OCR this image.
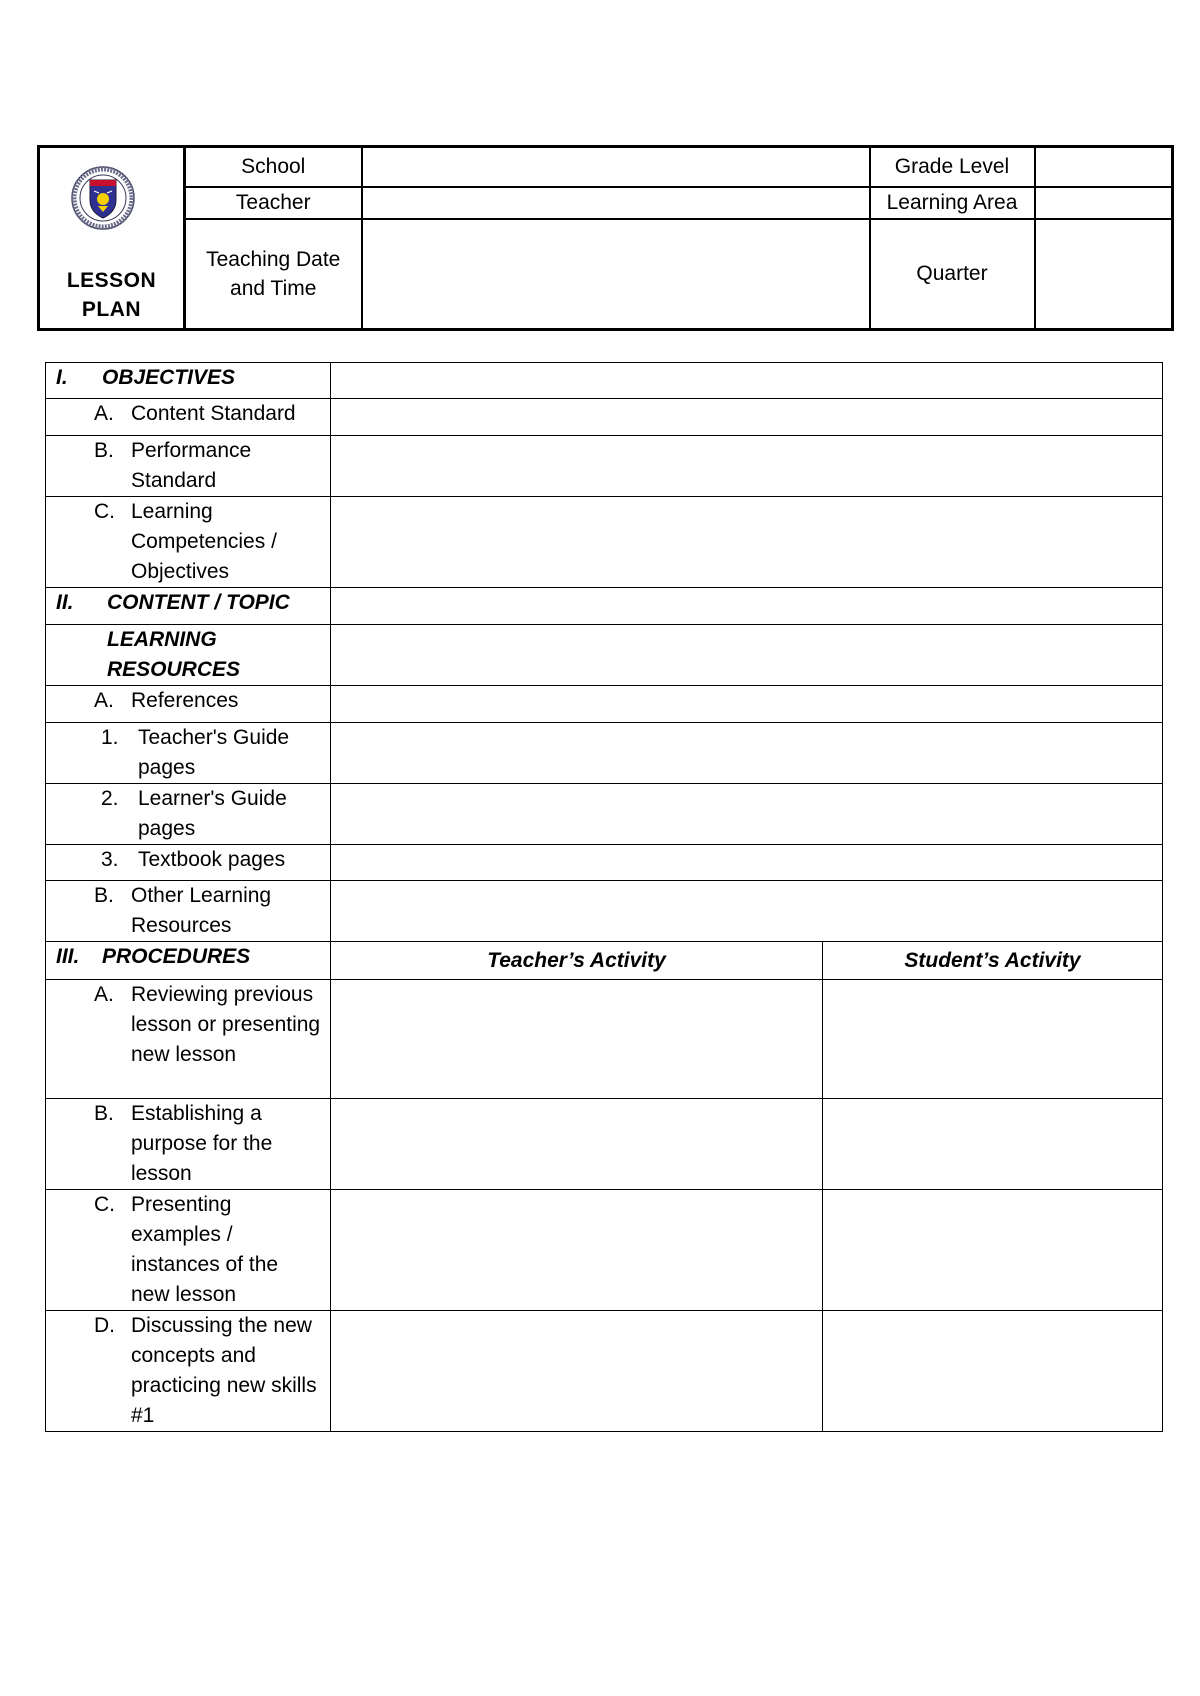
LESSON PLAN	School		Grade Level	
	Teacher		Learning Area	

	Teaching Date and Time		Quarter	
I. OBJECTIVES		

A. Content Standard		

B. Performance Standard		

C. Learning Competencies / Objectives		

II. CONTENT / TOPIC		

LEARNING RESOURCES		

A. References		

1. Teacher's Guide pages		

2. Learner's Guide pages		

3. Textbook pages		

B. Other Learning Resources		

III. PROCEDURES	Teacher’s Activity	Student’s Activity

A. Reviewing previous lesson or presenting new lesson		

B. Establishing a purpose for the lesson		

C. Presenting examples / instances of the new lesson		

D. Discussing the new concepts and practicing new skills #1		
